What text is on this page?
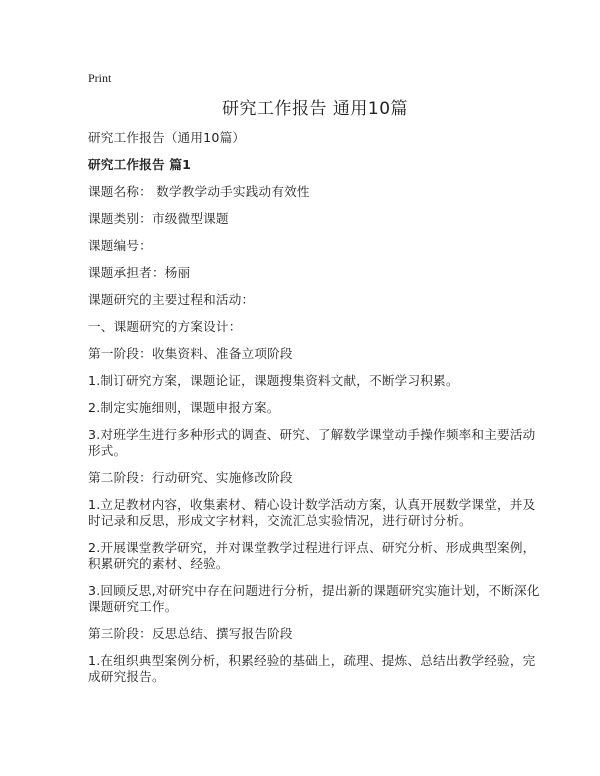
Print
研究工作报告 通用10篇

研究工作报告（通用10篇）

研究工作报告 篇1

课题名称： 数学教学动手实践动有效性

课题类别：市级微型课题

课题编号：

课题承担者：杨丽

课题研究的主要过程和活动：

一、课题研究的方案设计：

第一阶段：收集资料、准备立项阶段

1.制订研究方案，课题论证，课题搜集资料文献，不断学习积累。

2.制定实施细则，课题申报方案。

3.对班学生进行多种形式的调查、研究、了解数学课堂动手操作频率和主要活动形式。

第二阶段：行动研究、实施修改阶段

1.立足教材内容，收集素材、精心设计数学活动方案，认真开展数学课堂，并及时记录和反思，形成文字材料，交流汇总实验情况，进行研讨分析。

2.开展课堂教学研究，并对课堂教学过程进行评点、研究分析、形成典型案例，积累研究的素材、经验。

3.回顾反思,对研究中存在问题进行分析，提出新的课题研究实施计划，不断深化课题研究工作。

第三阶段：反思总结、撰写报告阶段

1.在组织典型案例分析，积累经验的基础上，疏理、提炼、总结出教学经验，完成研究报告。
